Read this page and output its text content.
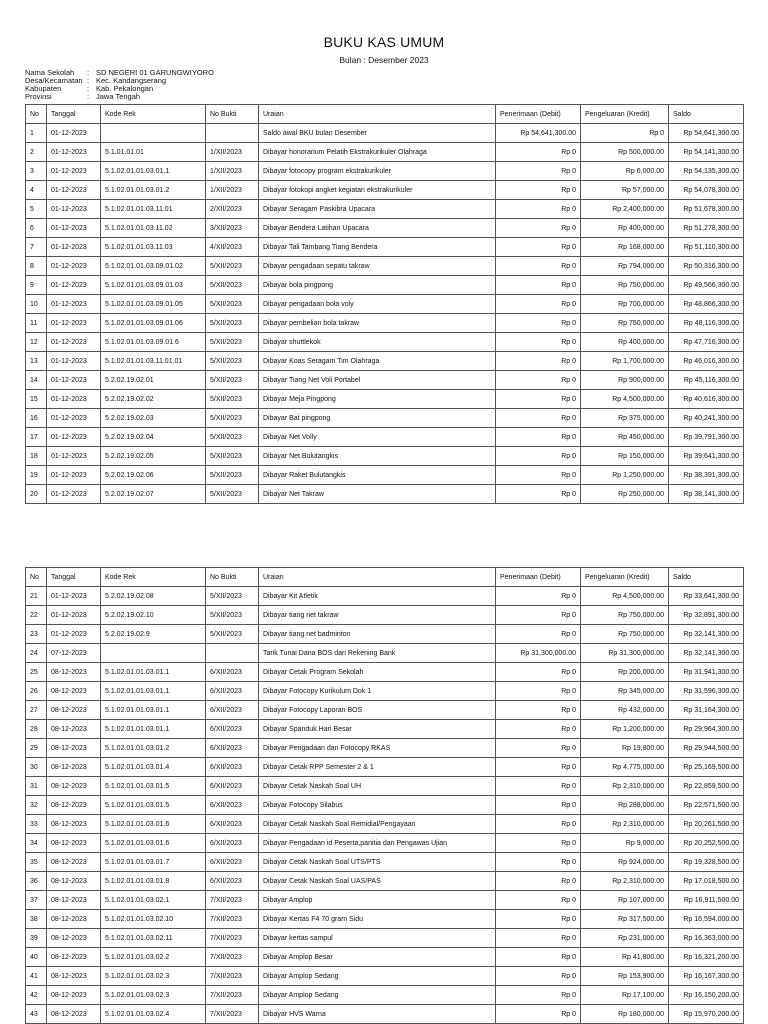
BUKU KAS UMUM
Bulan : Desember 2023
Nama Sekolah	: SD NEGERI 01 GARUNGWIYORO
Desa/Kecamatan : Kec. Kandangserang
Kabupaten	: Kab. Pekalongan
Provinsi	: Jawa Tengah
No	Tanggal	Kode Rek	No Bukti	Uraian	Penerimaan (Debit)	Pengeluaran (Kredit)	Saldo
1	01-12-2023			Saldo awal BKU bulan Desember	Rp 54,641,300.00	Rp 0	Rp 54,641,300.00
2	01-12-2023	5.1.01.01.01	1/XII/2023	Dibayar honorarium Pelatih Ekstrakurikuler Olahraga	Rp 0	Rp 500,000.00	Rp 54,141,300.00
3	01-12-2023	5.1.02.01.01.03.01.1	1/XII/2023	Dibayar fotocopy program ekstrakurikuler	Rp 0	Rp 6,000.00	Rp 54,135,300.00
4	01-12-2023	5.1.02.01.01.03.01.2	1/XII/2023	Dibayar fotokopi angket kegiatan ekstrakurikuler	Rp 0	Rp 57,000.00	Rp 54,078,300.00
5	01-12-2023	5.1.02.01.01.03.11.01	2/XII/2023	Dibayar Seragam Paskibra Upacara	Rp 0	Rp 2,400,000.00	Rp 51,678,300.00
6	01-12-2023	5.1.02.01.01.03.11.02	3/XII/2023	Dibayar Bendera Latihan Upacara	Rp 0	Rp 400,000.00	Rp 51,278,300.00
7	01-12-2023	5.1.02.01.01.03.11.03	4/XII/2023	Dibayar Tali Tambang Tiang Bendera	Rp 0	Rp 168,000.00	Rp 51,110,300.00
8	01-12-2023	5.1.02.01.01.03.09.01.02	5/XII/2023	Dibayar pengadaan sepatu takraw	Rp 0	Rp 794,000.00	Rp 50,316,300.00
9	01-12-2023	5.1.02.01.01.03.09.01.03	5/XII/2023	Dibayar bola pingpong	Rp 0	Rp 750,000.00	Rp 49,566,300.00
10	01-12-2023	5.1.02.01.01.03.09.01.05	5/XII/2023	Dibayar pengadaan bola voly	Rp 0	Rp 700,000.00	Rp 48,866,300.00
11	01-12-2023	5.1.02.01.01.03.09.01.06	5/XII/2023	Dibayar pembelian bola takraw	Rp 0	Rp 750,000.00	Rp 48,116,300.00
12	01-12-2023	5.1.02.01.01.03.09.01.6	5/XII/2023	Dibayar shuttlekok	Rp 0	Rp 400,000.00	Rp 47,716,300.00
13	01-12-2023	5.1.02.01.01.03.11.01.01	5/XII/2023	Dibayar Koas Seragam Tim Olahraga	Rp 0	Rp 1,700,000.00	Rp 46,016,300.00
14	01-12-2023	5.2.02.19.02.01	5/XII/2023	Dibayar Tiang Net Voli Portabel	Rp 0	Rp 900,000.00	Rp 45,116,300.00
15	01-12-2023	5.2.02.19.02.02	5/XII/2023	Dibayar Meja Pingpong	Rp 0	Rp 4,500,000.00	Rp 40,616,300.00
16	01-12-2023	5.2.02.19.02.03	5/XII/2023	Dibayar Bat pingpong	Rp 0	Rp 375,000.00	Rp 40,241,300.00
17	01-12-2023	5.2.02.19.02.04	5/XII/2023	Dibayar Net Volly	Rp 0	Rp 450,000.00	Rp 39,791,300.00
18	01-12-2023	5.2.02.19.02.05	5/XII/2023	Dibayar Net Bulutangkis	Rp 0	Rp 150,000.00	Rp 39,641,300.00
19	01-12-2023	5.2.02.19.02.06	5/XII/2023	Dibayar Raket Bulutangkis	Rp 0	Rp 1,250,000.00	Rp 38,391,300.00
20	01-12-2023	5.2.02.19.02.07	5/XII/2023	Dibayar Net Takraw	Rp 0	Rp 250,000.00	Rp 38,141,300.00
No	Tanggal	Kode Rek	No Bukti	Uraian	Penerimaan (Debit)	Pengeluaran (Kredit)	Saldo
21	01-12-2023	5.2.02.19.02.08	5/XII/2023	Dibayar Kit Atletik	Rp 0	Rp 4,500,000.00	Rp 33,641,300.00
22	01-12-2023	5.2.02.19.02.10	5/XII/2023	Dibayar tiang net takraw	Rp 0	Rp 750,000.00	Rp 32,891,300.00
23	01-12-2023	5.2.02.19.02.9	5/XII/2023	Dibayar tiang net badminton	Rp 0	Rp 750,000.00	Rp 32,141,300.00
24	07-12-2023			Tarik Tunai Dana BOS dari Rekening Bank	Rp 31,300,000.00	Rp 31,300,000.00	Rp 32,141,300.00
25	08-12-2023	5.1.02.01.01.03.01.1	6/XII/2023	Dibayar Cetak Program Sekolah	Rp 0	Rp 200,000.00	Rp 31,941,300.00
26	08-12-2023	5.1.02.01.01.03.01.1	6/XII/2023	Dibayar Fotocopy Kurikulum Dok 1	Rp 0	Rp 345,000.00	Rp 31,596,300.00
27	08-12-2023	5.1.02.01.01.03.01.1	6/XII/2023	Dibayar Fotocopy Laporan BOS	Rp 0	Rp 432,000.00	Rp 31,164,300.00
28	08-12-2023	5.1.02.01.01.03.01.1	6/XII/2023	Dibayar Spanduk Hari Besar	Rp 0	Rp 1,200,000.00	Rp 29,964,300.00
29	08-12-2023	5.1.02.01.01.03.01.2	6/XII/2023	Dibayar Pengadaan dan Fotocopy RKAS	Rp 0	Rp 19,800.00	Rp 29,944,500.00
30	08-12-2023	5.1.02.01.01.03.01.4	6/XII/2023	Dibayar Cetak RPP Semester 2 & 1	Rp 0	Rp 4,775,000.00	Rp 25,169,500.00
31	08-12-2023	5.1.02.01.01.03.01.5	6/XII/2023	Dibayar Cetak Naskah Soal UH	Rp 0	Rp 2,310,000.00	Rp 22,859,500.00
32	08-12-2023	5.1.02.01.01.03.01.5	6/XII/2023	Dibayar Fotocopy Silabus	Rp 0	Rp 288,000.00	Rp 22,571,500.00
33	08-12-2023	5.1.02.01.01.03.01.6	6/XII/2023	Dibayar Cetak Naskah Soal Remidial/Pengayaan	Rp 0	Rp 2,310,000.00	Rp 20,261,500.00
34	08-12-2023	5.1.02.01.01.03.01.6	6/XII/2023	Dibayar Pengadaan id Peserta,panitia dan Pengawas Ujian	Rp 0	Rp 9,000.00	Rp 20,252,500.00
35	08-12-2023	5.1.02.01.01.03.01.7	6/XII/2023	Dibayar Cetak Naskah Soal UTS/PTS	Rp 0	Rp 924,000.00	Rp 19,328,500.00
36	08-12-2023	5.1.02.01.01.03.01.8	6/XII/2023	Dibayar Cetak Naskah Soal UAS/PAS	Rp 0	Rp 2,310,000.00	Rp 17,018,500.00
37	08-12-2023	5.1.02.01.01.03.02.1	7/XII/2023	Dibayar Amplop	Rp 0	Rp 107,000.00	Rp 16,911,500.00
38	08-12-2023	5.1.02.01.01.03.02.10	7/XII/2023	Dibayar Kertas F4 70 gram Sidu	Rp 0	Rp 317,500.00	Rp 16,594,000.00
39	08-12-2023	5.1.02.01.01.03.02.11	7/XII/2023	Dibayar kertas sampul	Rp 0	Rp 231,000.00	Rp 16,363,000.00
40	08-12-2023	5.1.02.01.01.03.02.2	7/XII/2023	Dibayar Amplop Besar	Rp 0	Rp 41,800.00	Rp 16,321,200.00
41	08-12-2023	5.1.02.01.01.03.02.3	7/XII/2023	Dibayar Amplop Sedang	Rp 0	Rp 153,900.00	Rp 16,167,300.00
42	08-12-2023	5.1.02.01.01.03.02.3	7/XII/2023	Dibayar Amplop Sedang	Rp 0	Rp 17,100.00	Rp 16,150,200.00
43	08-12-2023	5.1.02.01.01.03.02.4	7/XII/2023	Dibayar HVS Warna	Rp 0	Rp 180,000.00	Rp 15,970,200.00
